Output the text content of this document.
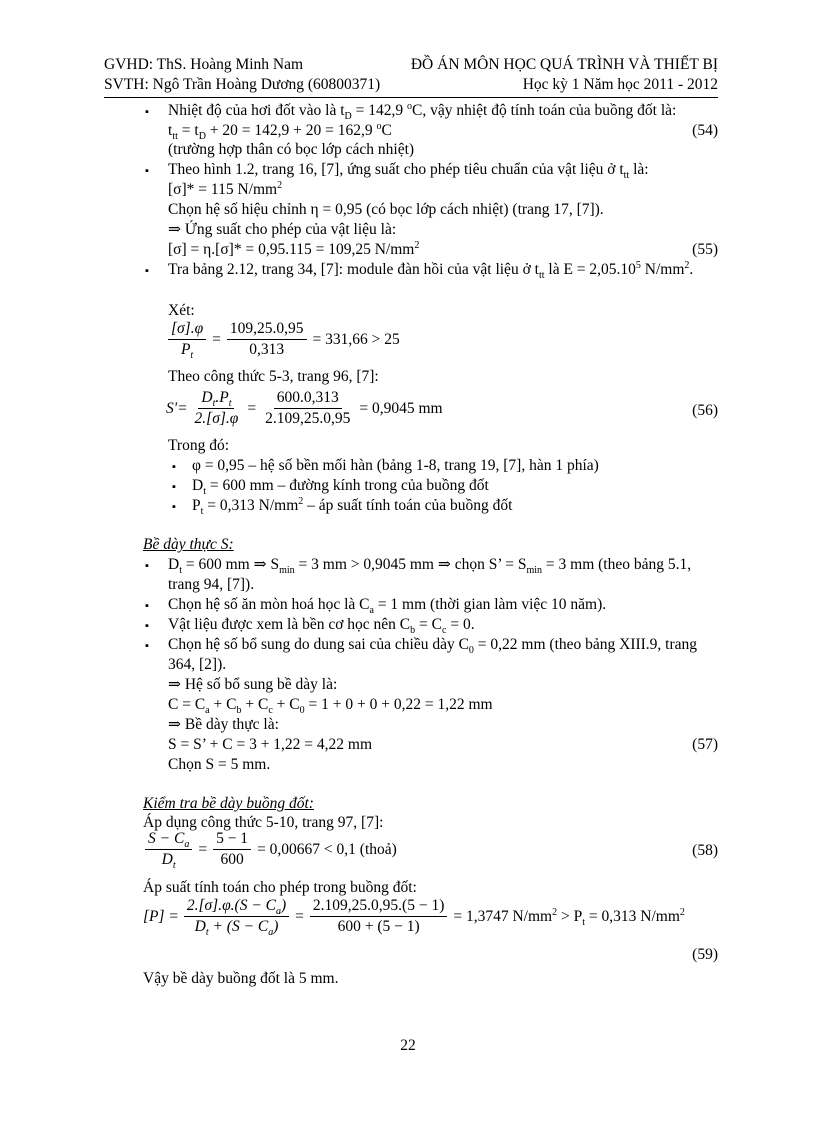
GVHD: ThS. Hoàng Minh Nam
SVTH: Ngô Trần Hoàng Dương (60800371)
ĐỒ ÁN MÔN HỌC QUÁ TRÌNH VÀ THIẾT BỊ
Học kỳ 1 Năm học 2011 - 2012
▪ Nhiệt độ của hơi đốt vào là $t_D = 142,9$ $^o$C, vậy nhiệt độ tính toán của buồng đốt là:
$t_{tt} = t_D + 20 = 142,9 + 20 = 162,9$ $^o$C	(54)
(trường hợp thân có bọc lớp cách nhiệt)
▪ Theo hình 1.2, trang 16, [7], ứng suất cho phép tiêu chuẩn của vật liệu ở $t_{tt}$ là:
[σ]* = 115 $N/mm^2$
Chọn hệ số hiệu chỉnh η = 0,95 (có bọc lớp cách nhiệt) (trang 17, [7]).
⇒ Ứng suất cho phép của vật liệu là:
[σ] = η.[σ]* = 0,95.115 = 109,25 $N/mm^2$	(55)
▪ Tra bảng 2.12, trang 34, [7]: module đàn hồi của vật liệu ở $t_{tt}$ là $E = 2,05.10^5$ $N/mm^2$.
Xét:
$\frac{[\sigma].\varphi}{P_t} = \frac{109,25.0,95}{0,313} = 331,66 > 25$
Theo công thức 5-3, trang 96, [7]:
$S'= \frac{D_t.P_t}{2.[\sigma].\varphi} = \frac{600.0,313}{2.109,25.0,95} = 0,9045$ mm	(56)
Trong đó:
▪ φ = 0,95 – hệ số bền mối hàn (bảng 1-8, trang 19, [7], hàn 1 phía)
▪ $D_t = 600$ mm – đường kính trong của buồng đốt
▪ $P_t = 0,313$ $N/mm^2$ – áp suất tính toán của buồng đốt
Bề dày thực S:
▪ $D_t = 600$ mm ⇒ $S_{min} = 3$ mm > 0,9045 mm ⇒ chọn S’ = $S_{min} = 3$ mm (theo bảng 5.1,
trang 94, [7]).
▪ Chọn hệ số ăn mòn hoá học là $C_a = 1$ mm (thời gian làm việc 10 năm).
▪ Vật liệu được xem là bền cơ học nên $C_b = C_c = 0$.
▪ Chọn hệ số bổ sung do dung sai của chiều dày $C_0 = 0,22$ mm (theo bảng XIII.9, trang
364, [2]).
⇒ Hệ số bổ sung bề dày là:
$C = C_a + C_b + C_c + C_0 = 1 + 0 + 0 + 0,22 = 1,22$ mm
⇒ Bề dày thực là:
S = S’ + C = 3 + 1,22 = 4,22 mm	(57)
Chọn S = 5 mm.
Kiểm tra bề dày buồng đốt:
Áp dụng công thức 5-10, trang 97, [7]:
$\frac{S - C_a}{D_t} = \frac{5 - 1}{600} = 0,00667 < 0,1$ (thoả)	(58)
Áp suất tính toán cho phép trong buồng đốt:
$[P] = \frac{2.[\sigma].\varphi.(S - C_a)}{D_t + (S - C_a)} = \frac{2.109,25.0,95.(5 - 1)}{600 + (5 - 1)} = 1,3747$ $N/mm^2 > P_t = 0,313$ $N/mm^2$
(59)
Vậy bề dày buồng đốt là 5 mm.
22
